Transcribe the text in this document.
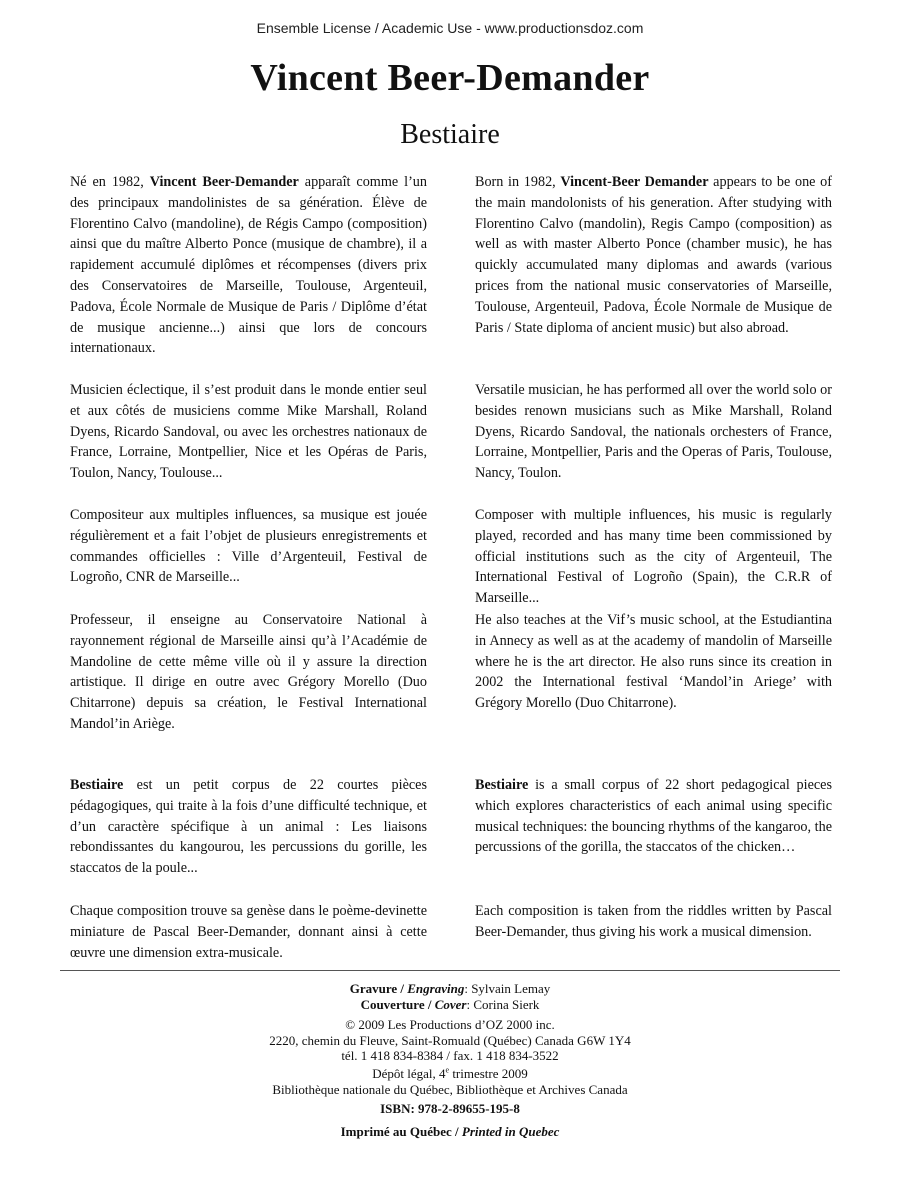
Ensemble License / Academic Use - www.productionsdoz.com
Vincent Beer-Demander
Bestiaire

Né en 1982, Vincent Beer-Demander apparaît comme l’un des principaux mandolinistes de sa génération. Élève de Florentino Calvo (mandoline), de Régis Campo (composition) ainsi que du maître Alberto Ponce (musique de chambre), il a rapidement accumulé diplômes et récompenses (divers prix des Conservatoires de Marseille, Toulouse, Argenteuil, Padova, École Normale de Musique de Paris / Diplôme d’état de musique ancienne...) ainsi que lors de concours internationaux.

Musicien éclectique, il s’est produit dans le monde entier seul et aux côtés de musiciens comme Mike Marshall, Roland Dyens, Ricardo Sandoval, ou avec les orchestres nationaux de France, Lorraine, Montpellier, Nice et les Opéras de Paris, Toulon, Nancy, Toulouse...

Compositeur aux multiples influences, sa musique est jouée régulièrement et a fait l’objet de plusieurs enregistrements et commandes officielles : Ville d’Argenteuil, Festival de Logroño, CNR de Marseille...

Professeur, il enseigne au Conservatoire National à rayonnement régional de Marseille ainsi qu’à l’Académie de Mandoline de cette même ville où il y assure la direction artistique. Il dirige en outre avec Grégory Morello (Duo Chitarrone) depuis sa création, le Festival International Mandol’in Ariège.

Bestiaire est un petit corpus de 22 courtes pièces pédagogiques, qui traite à la fois d’une difficulté technique, et d’un caractère spécifique à un animal : Les liaisons rebondissantes du kangourou, les percussions du gorille, les staccatos de la poule...

Chaque composition trouve sa genèse dans le poème-devinette miniature de Pascal Beer-Demander, donnant ainsi à cette œuvre une dimension extra-musicale.

Born in 1982, Vincent-Beer Demander appears to be one of the main mandolonists of his generation. After studying with Florentino Calvo (mandolin), Regis Campo (composition) as well as with master Alberto Ponce (chamber music), he has quickly accumulated many diplomas and awards (various prices from the national music conservatories of Marseille, Toulouse, Argenteuil, Padova, École Normale de Musique de Paris / State diploma of ancient music) but also abroad.

Versatile musician, he has performed all over the world solo or besides renown musicians such as Mike Marshall, Roland Dyens, Ricardo Sandoval, the nationals orchesters of France, Lorraine, Montpellier, Paris and the Operas of Paris, Toulouse, Nancy, Toulon.

Composer with multiple influences, his music is regularly played, recorded and has many time been commissioned by official institutions such as the city of Argenteuil, The International Festival of Logroño (Spain), the C.R.R of Marseille...

He also teaches at the Vif’s music school, at the Estudiantina in Annecy as well as at the academy of mandolin of Marseille where he is the art director. He also runs since its creation in 2002 the International festival ‘Mandol’in Ariege’ with Grégory Morello (Duo Chitarrone).

Bestiaire is a small corpus of 22 short pedagogical pieces which explores characteristics of each animal using specific musical techniques: the bouncing rhythms of the kangaroo, the percussions of the gorilla, the staccatos of the chicken…

Each composition is taken from the riddles written by Pascal Beer-Demander, thus giving his work a musical dimension.

Gravure / Engraving: Sylvain Lemay
Couverture / Cover: Corina Sierk
© 2009 Les Productions d’OZ 2000 inc.
2220, chemin du Fleuve, Saint-Romuald (Québec) Canada G6W 1Y4
tél. 1 418 834-8384 / fax. 1 418 834-3522
Dépôt légal, 4e trimestre 2009
Bibliothèque nationale du Québec, Bibliothèque et Archives Canada
ISBN: 978-2-89655-195-8
Imprimé au Québec / Printed in Quebec
